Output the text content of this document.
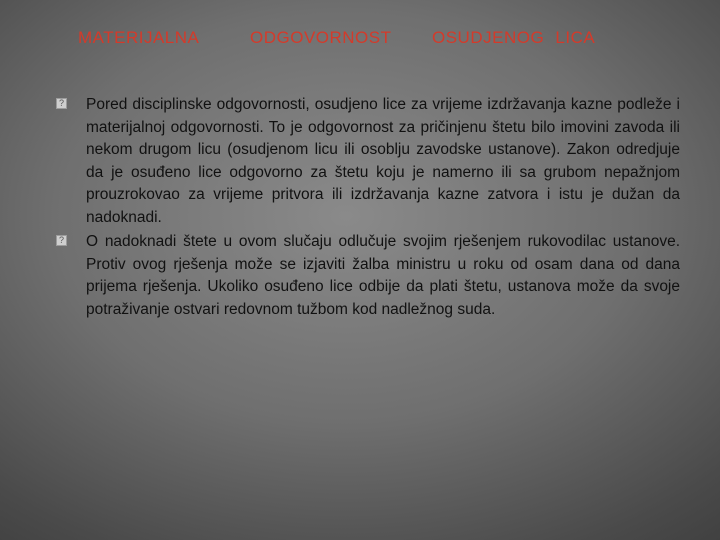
MATERIJALNA	ODGOVORNOST OSUDJENOG LICA
? Pored disciplinske odgovornosti, osudjeno lice za vrijeme izdržavanja kazne podleže i materijalnoj odgovornosti. To je odgovornost za pričinjenu štetu bilo imovini zavoda ili nekom drugom licu (osudjenom licu ili osoblju zavodske ustanove). Zakon odredjuje da je osuđeno lice odgovorno za štetu koju je namerno ili sa grubom nepažnjom prouzrokovao za vrijeme pritvora ili izdržavanja kazne zatvora i istu je dužan da nadoknadi.

? O nadoknadi štete u ovom slučaju odlučuje svojim rješenjem rukovodilac ustanove. Protiv ovog rješenja može se izjaviti žalba ministru u roku od osam dana od dana prijema rješenja. Ukoliko osuđeno lice odbije da plati štetu, ustanova može da svoje potraživanje ostvari redovnom tužbom kod nadležnog suda.
